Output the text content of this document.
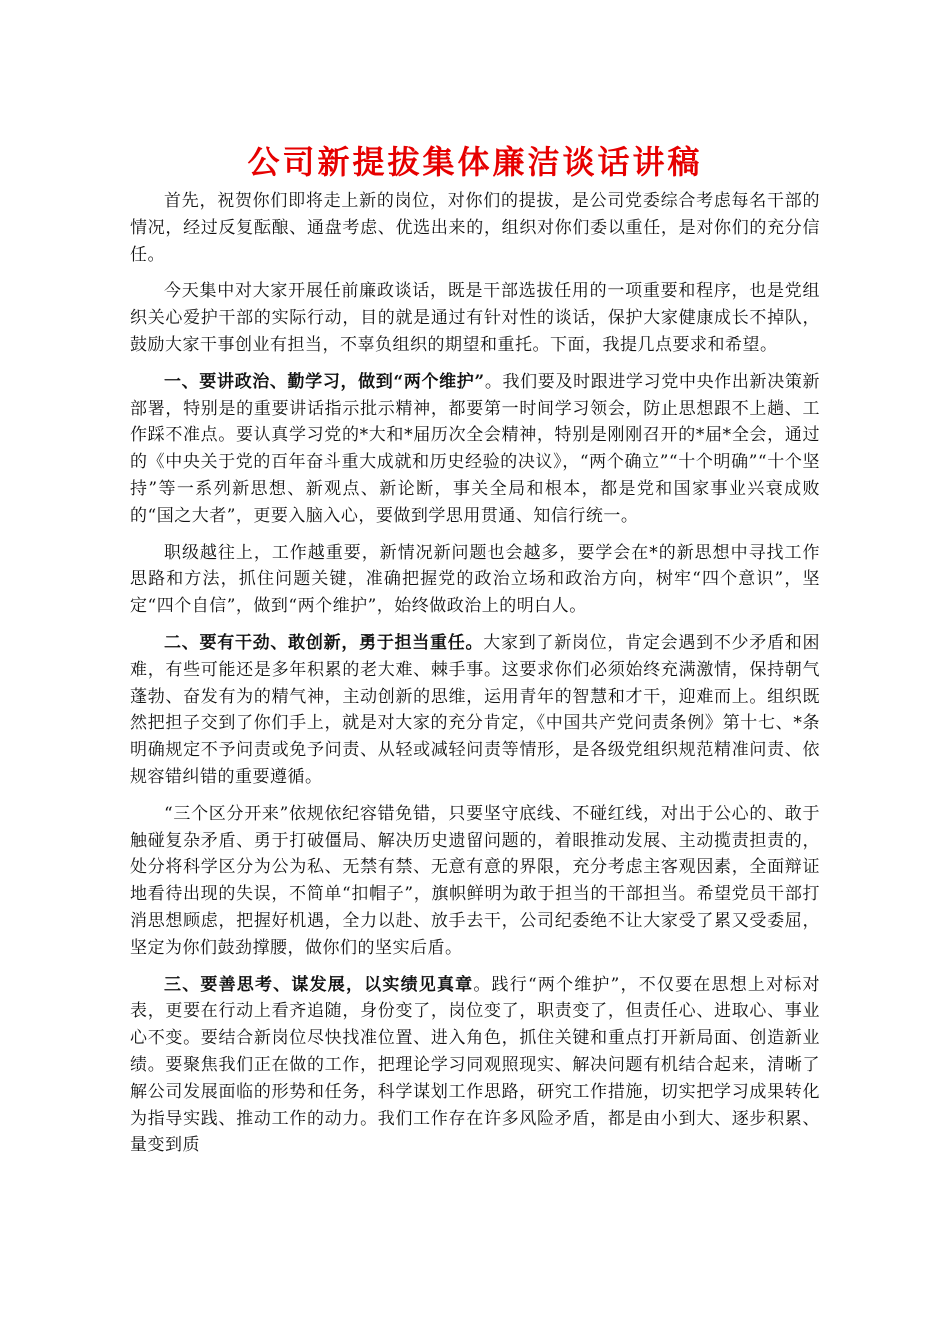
公司新提拔集体廉洁谈话讲稿

首先，祝贺你们即将走上新的岗位，对你们的提拔，是公司党委综合考虑每名干部的情况，经过反复酝酿、通盘考虑、优选出来的，组织对你们委以重任，是对你们的充分信任。

今天集中对大家开展任前廉政谈话，既是干部选拔任用的一项重要和程序，也是党组织关心爱护干部的实际行动，目的就是通过有针对性的谈话，保护大家健康成长不掉队，鼓励大家干事创业有担当，不辜负组织的期望和重托。下面，我提几点要求和希望。

一、要讲政治、勤学习，做到“两个维护”。我们要及时跟进学习党中央作出新决策新部署，特别是的重要讲话指示批示精神，都要第一时间学习领会，防止思想跟不上趟、工作踩不准点。要认真学习党的*大和*届历次全会精神，特别是刚刚召开的*届*全会，通过的《中央关于党的百年奋斗重大成就和历史经验的决议》，“两个确立”“十个明确”“十个坚持”等一系列新思想、新观点、新论断，事关全局和根本，都是党和国家事业兴衰成败的“国之大者”，更要入脑入心，要做到学思用贯通、知信行统一。

职级越往上，工作越重要，新情况新问题也会越多，要学会在*的新思想中寻找工作思路和方法，抓住问题关键，准确把握党的政治立场和政治方向，树牢“四个意识”，坚定“四个自信”，做到“两个维护”，始终做政治上的明白人。

二、要有干劲、敢创新，勇于担当重任。大家到了新岗位，肯定会遇到不少矛盾和困难，有些可能还是多年积累的老大难、棘手事。这要求你们必须始终充满激情，保持朝气蓬勃、奋发有为的精气神，主动创新的思维，运用青年的智慧和才干，迎难而上。组织既然把担子交到了你们手上，就是对大家的充分肯定，《中国共产党问责条例》第十七、*条明确规定不予问责或免予问责、从轻或减轻问责等情形，是各级党组织规范精准问责、依规容错纠错的重要遵循。

“三个区分开来”依规依纪容错免错，只要坚守底线、不碰红线，对出于公心的、敢于触碰复杂矛盾、勇于打破僵局、解决历史遗留问题的，着眼推动发展、主动揽责担责的，处分将科学区分为公为私、无禁有禁、无意有意的界限，充分考虑主客观因素，全面辩证地看待出现的失误，不简单“扣帽子”，旗帜鲜明为敢于担当的干部担当。希望党员干部打消思想顾虑，把握好机遇，全力以赴、放手去干，公司纪委绝不让大家受了累又受委屈，坚定为你们鼓劲撑腰，做你们的坚实后盾。

三、要善思考、谋发展，以实绩见真章。践行“两个维护”，不仅要在思想上对标对表，更要在行动上看齐追随，身份变了，岗位变了，职责变了，但责任心、进取心、事业心不变。要结合新岗位尽快找准位置、进入角色，抓住关键和重点打开新局面、创造新业绩。要聚焦我们正在做的工作，把理论学习同观照现实、解决问题有机结合起来，清晰了解公司发展面临的形势和任务，科学谋划工作思路，研究工作措施，切实把学习成果转化为指导实践、推动工作的动力。我们工作存在许多风险矛盾，都是由小到大、逐步积累、量变到质
